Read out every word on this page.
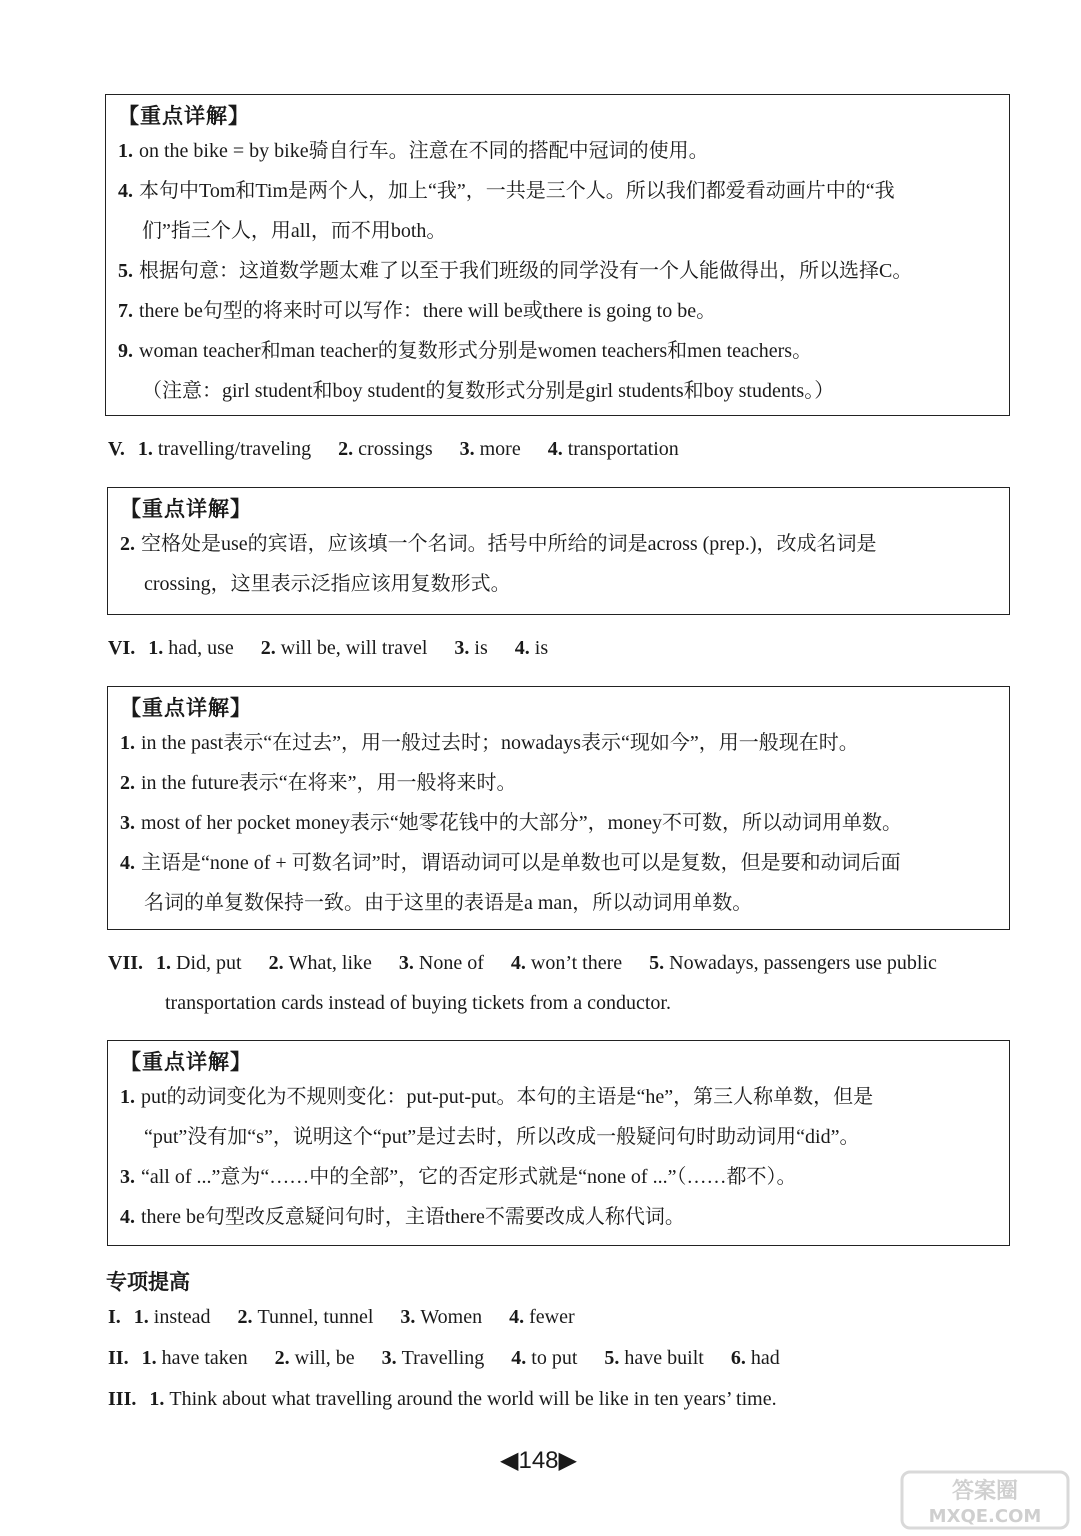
【重点详解】
1. on the bike = by bike骑自行车。注意在不同的搭配中冠词的使用。
4. 本句中Tom和Tim是两个人，加上“我”，一共是三个人。所以我们都爱看动画片中的“我
们”指三个人，用all，而不用both。
5. 根据句意：这道数学题太难了以至于我们班级的同学没有一个人能做得出，所以选择C。
7. there be句型的将来时可以写作：there will be或there is going to be。
9. woman teacher和man teacher的复数形式分别是women teachers和men teachers。
（注意：girl student和boy student的复数形式分别是girl students和boy students。）
V. 1. travelling/traveling 2. crossings 3. more 4. transportation
【重点详解】
2. 空格处是use的宾语，应该填一个名词。括号中所给的词是across (prep.)，改成名词是
crossing，这里表示泛指应该用复数形式。
VI. 1. had, use 2. will be, will travel 3. is 4. is
【重点详解】
1. in the past表示“在过去”，用一般过去时；nowadays表示“现如今”，用一般现在时。
2. in the future表示“在将来”，用一般将来时。
3. most of her pocket money表示“她零花钱中的大部分”，money不可数，所以动词用单数。
4. 主语是“none of + 可数名词”时，谓语动词可以是单数也可以是复数，但是要和动词后面
名词的单复数保持一致。由于这里的表语是a man，所以动词用单数。
VII. 1. Did, put 2. What, like 3. None of 4. won’t there 5. Nowadays, passengers use public
transportation cards instead of buying tickets from a conductor.
【重点详解】
1. put的动词变化为不规则变化：put-put-put。本句的主语是“he”，第三人称单数，但是
“put”没有加“s”，说明这个“put”是过去时，所以改成一般疑问句时助动词用“did”。
3. “all of ...”意为“……中的全部”，它的否定形式就是“none of ...”（……都不）。
4. there be句型改反意疑问句时，主语there不需要改成人称代词。
专项提高
I. 1. instead 2. Tunnel, tunnel 3. Women 4. fewer
II. 1. have taken 2. will, be 3. Travelling 4. to put 5. have built 6. had
III. 1. Think about what travelling around the world will be like in ten years’ time.
◀148▶
答案圈
MXQE.COM
